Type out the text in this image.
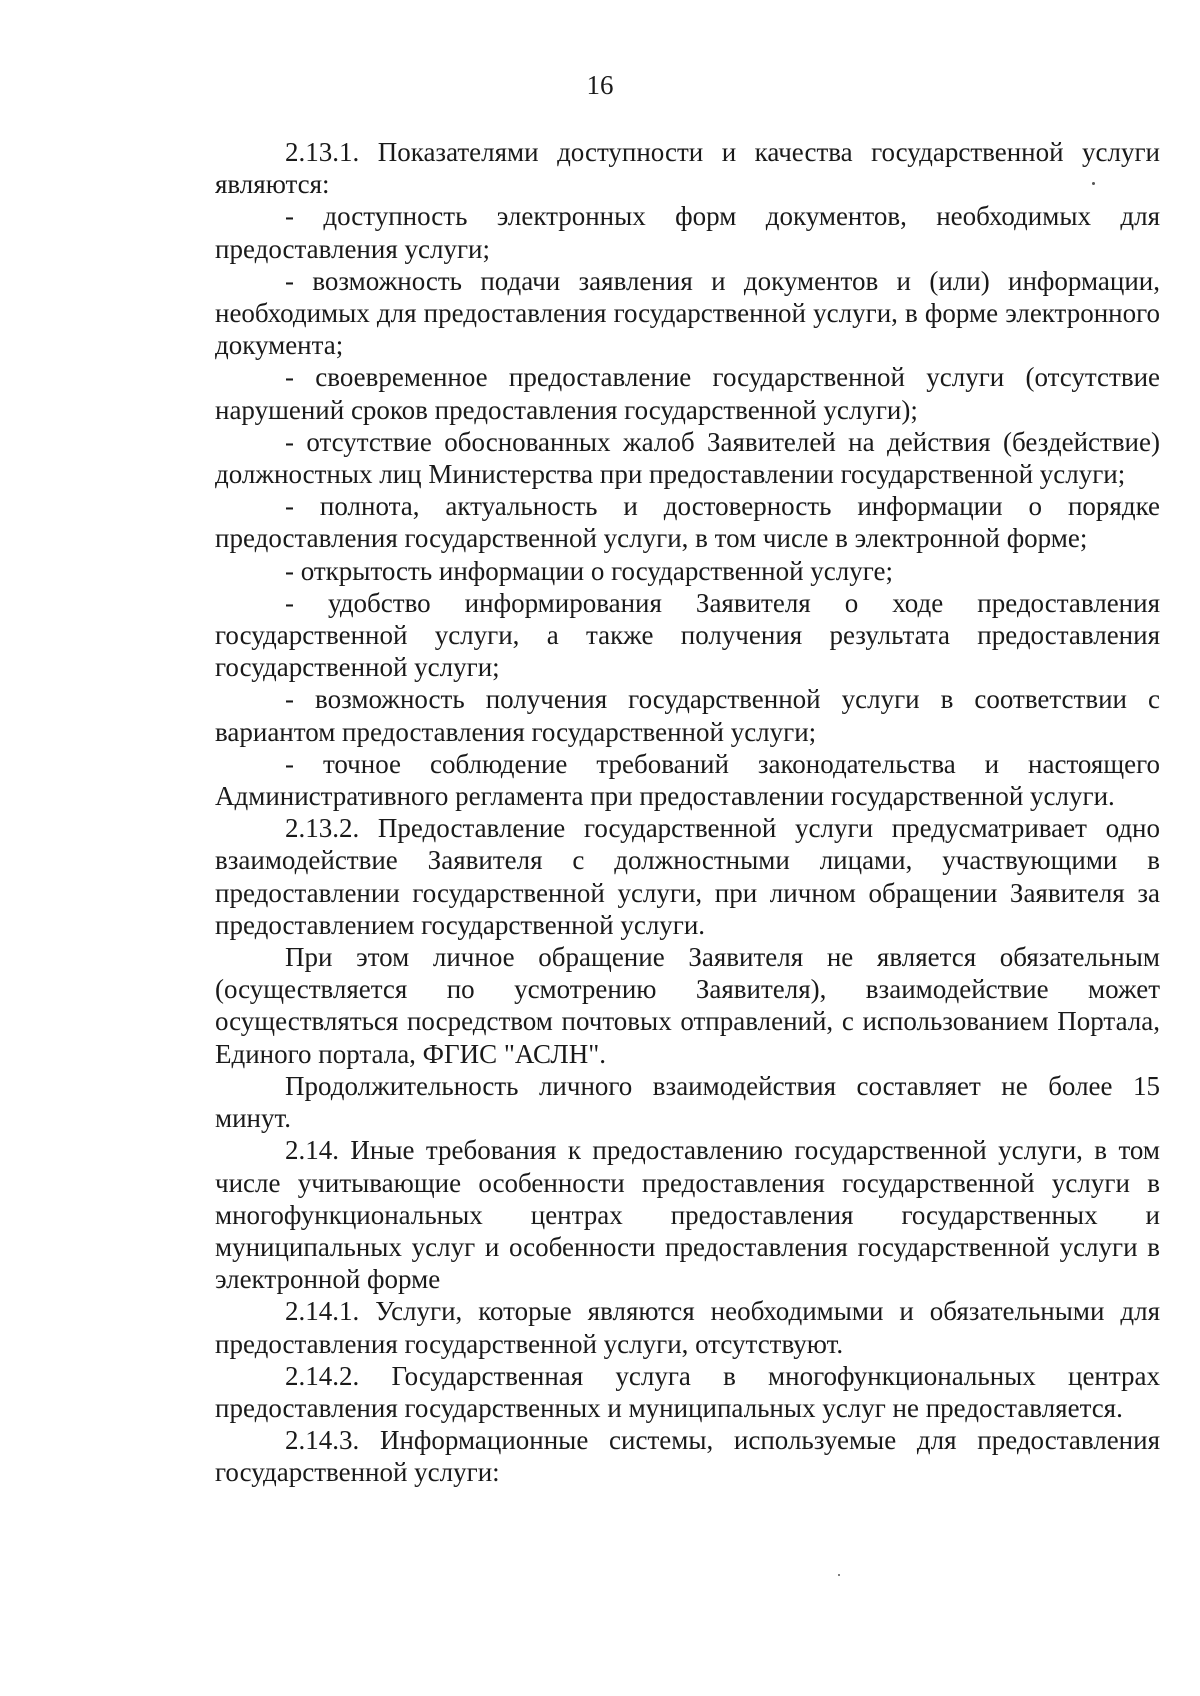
16

2.13.1. Показателями доступности и качества государственной услуги являются:

- доступность электронных форм документов, необходимых для предоставления услуги;

- возможность подачи заявления и документов и (или) информации, необходимых для предоставления государственной услуги, в форме электронного документа;

- своевременное предоставление государственной услуги (отсутствие нарушений сроков предоставления государственной услуги);

- отсутствие обоснованных жалоб Заявителей на действия (бездействие) должностных лиц Министерства при предоставлении государственной услуги;

- полнота, актуальность и достоверность информации о порядке предоставления государственной услуги, в том числе в электронной форме;

- открытость информации о государственной услуге;

- удобство информирования Заявителя о ходе предоставления государственной услуги, а также получения результата предоставления государственной услуги;

- возможность получения государственной услуги в соответствии с вариантом предоставления государственной услуги;

- точное соблюдение требований законодательства и настоящего Административного регламента при предоставлении государственной услуги.

2.13.2. Предоставление государственной услуги предусматривает одно взаимодействие Заявителя с должностными лицами, участвующими в предоставлении государственной услуги, при личном обращении Заявителя за предоставлением государственной услуги.

При этом личное обращение Заявителя не является обязательным (осуществляется по усмотрению Заявителя), взаимодействие может осуществляться посредством почтовых отправлений, с использованием Портала, Единого портала, ФГИС "АСЛН".

Продолжительность личного взаимодействия составляет не более 15 минут.

2.14. Иные требования к предоставлению государственной услуги, в том числе учитывающие особенности предоставления государственной услуги в многофункциональных центрах предоставления государственных и муниципальных услуг и особенности предоставления государственной услуги в электронной форме

2.14.1. Услуги, которые являются необходимыми и обязательными для предоставления государственной услуги, отсутствуют.

2.14.2. Государственная услуга в многофункциональных центрах предоставления государственных и муниципальных услуг не предоставляется.

2.14.3. Информационные системы, используемые для предоставления государственной услуги:
